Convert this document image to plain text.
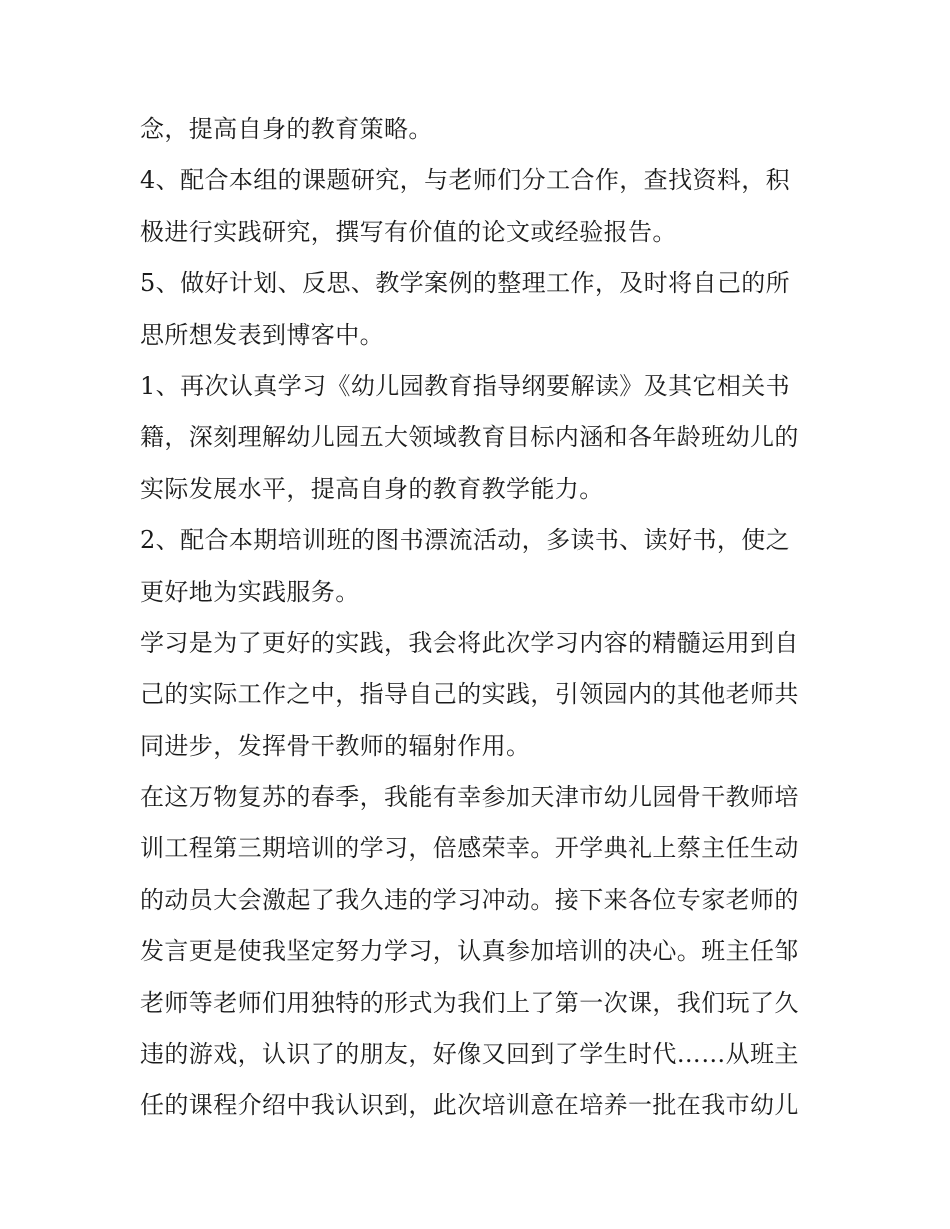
念，提高自身的教育策略。
4、配合本组的课题研究，与老师们分工合作，查找资料，积
极进行实践研究，撰写有价值的论文或经验报告。
5、做好计划、反思、教学案例的整理工作，及时将自己的所
思所想发表到博客中。
1、再次认真学习《幼儿园教育指导纲要解读》及其它相关书
籍，深刻理解幼儿园五大领域教育目标内涵和各年龄班幼儿的
实际发展水平，提高自身的教育教学能力。
2、配合本期培训班的图书漂流活动，多读书、读好书，使之
更好地为实践服务。
学习是为了更好的实践，我会将此次学习内容的精髓运用到自
己的实际工作之中，指导自己的实践，引领园内的其他老师共
同进步，发挥骨干教师的辐射作用。
在这万物复苏的春季，我能有幸参加天津市幼儿园骨干教师培
训工程第三期培训的学习，倍感荣幸。开学典礼上蔡主任生动
的动员大会激起了我久违的学习冲动。接下来各位专家老师的
发言更是使我坚定努力学习，认真参加培训的决心。班主任邹
老师等老师们用独特的形式为我们上了第一次课，我们玩了久
违的游戏，认识了的朋友，好像又回到了学生时代……从班主
任的课程介绍中我认识到，此次培训意在培养一批在我市幼儿
